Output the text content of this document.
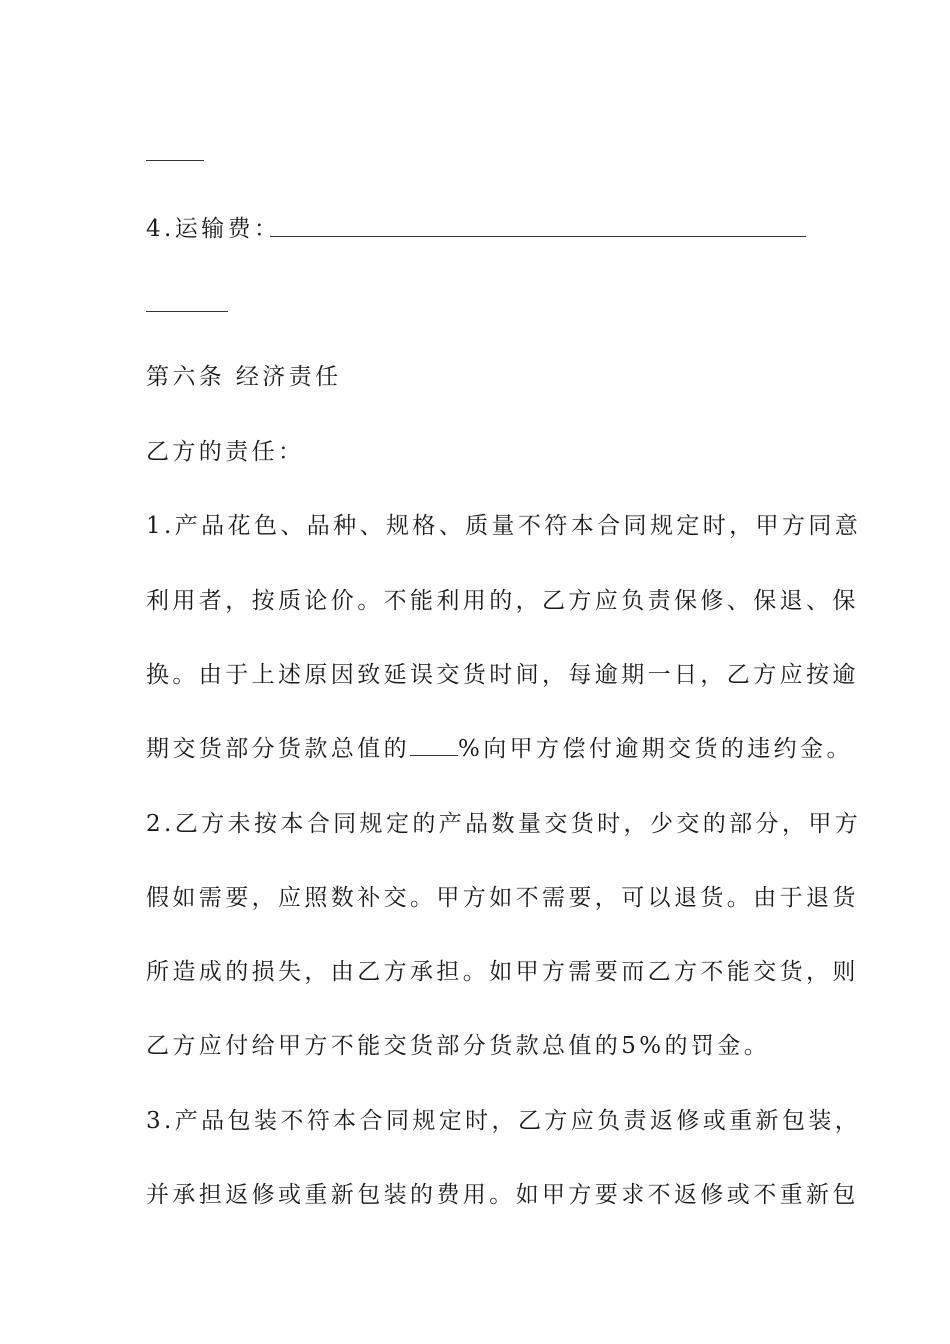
4.运输费：
第六条 经济责任
乙方的责任：
1.产品花色、品种、规格、质量不符本合同规定时，甲方同意
利用者，按质论价。不能利用的，乙方应负责保修、保退、保
换。由于上述原因致延误交货时间，每逾期一日，乙方应按逾
期交货部分货款总值的 %向甲方偿付逾期交货的违约金。
2.乙方未按本合同规定的产品数量交货时，少交的部分，甲方
假如需要，应照数补交。甲方如不需要，可以退货。由于退货
所造成的损失，由乙方承担。如甲方需要而乙方不能交货，则
乙方应付给甲方不能交货部分货款总值的5%的罚金。
3.产品包装不符本合同规定时，乙方应负责返修或重新包装，
并承担返修或重新包装的费用。如甲方要求不返修或不重新包
